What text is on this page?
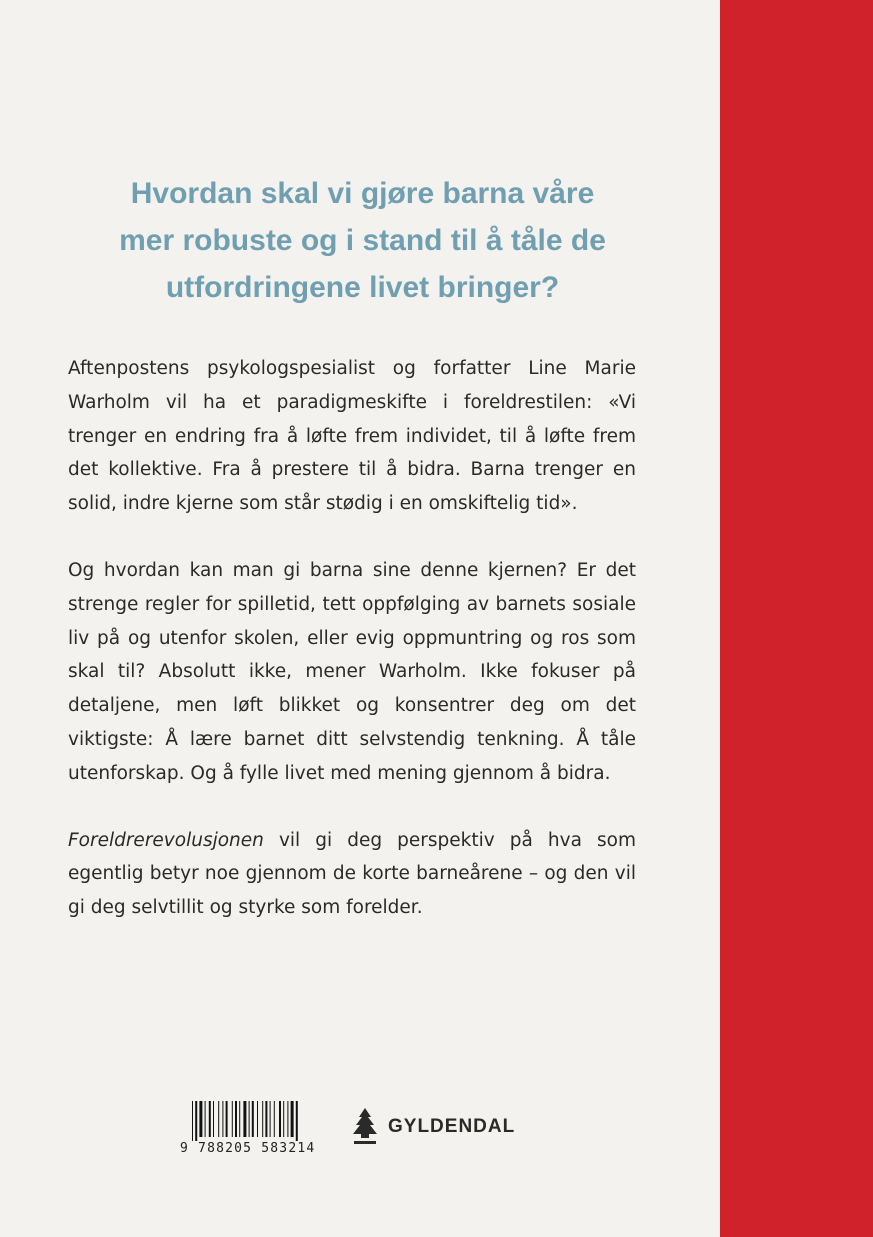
Hvordan skal vi gjøre barna våre
mer robuste og i stand til å tåle de
utfordringene livet bringer?

Aftenpostens psykologspesialist og forfatter Line Marie Warholm vil ha et paradigmeskifte i foreldrestilen: «Vi trenger en endring fra å løfte frem individet, til å løfte frem det kollektive. Fra å prestere til å bidra. Barna trenger en solid, indre kjerne som står stødig i en omskiftelig tid».

Og hvordan kan man gi barna sine denne kjernen? Er det strenge regler for spilletid, tett oppfølging av barnets sosiale liv på og utenfor skolen, eller evig oppmuntring og ros som skal til? Absolutt ikke, mener Warholm. Ikke fokuser på detaljene, men løft blikket og konsentrer deg om det viktigste: Å lære barnet ditt selvstendig tenkning. Å tåle utenforskap. Og å fylle livet med mening gjennom å bidra.

Foreldrerevolusjonen vil gi deg perspektiv på hva som egentlig betyr noe gjennom de korte barneårene – og den vil gi deg selvtillit og styrke som forelder.

9 788205 583214
GYLDENDAL
